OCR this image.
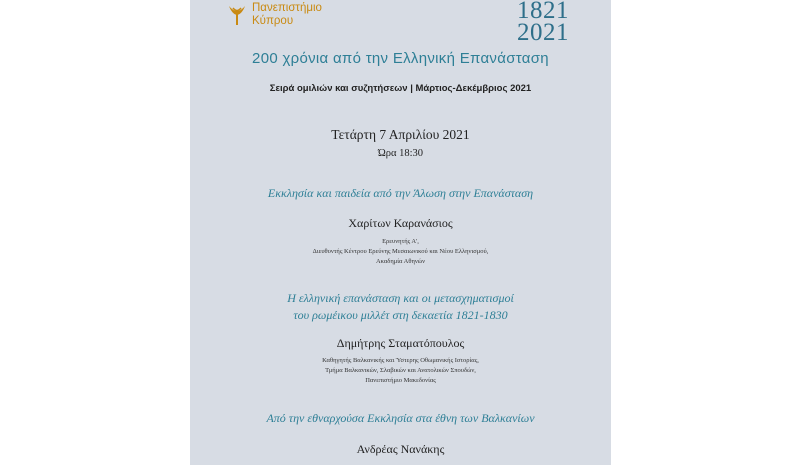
Πανεπιστήμιο
Κύπρου	1821
2021
200 χρόνια από την Ελληνική Επανάσταση
Σειρά ομιλιών και συζητήσεων | Μάρτιος-Δεκέμβριος 2021
Τετάρτη 7 Απριλίου 2021
Ώρα 18:30
Εκκλησία και παιδεία από την Άλωση στην Επανάσταση
Χαρίτων Καρανάσιος
Ερευνητής Α',
Διευθυντής Κέντρου Ερεύνης Μεσαιωνικού και Νέου Ελληνισμού,
Ακαδημία Αθηνών
Η ελληνική επανάσταση και οι μετασχηματισμοί
του ρωμέικου μιλλέτ στη δεκαετία 1821-1830
Δημήτρης Σταματόπουλος
Καθηγητής Βαλκανικής και Ύστερης Οθωμανικής Ιστορίας,
Τμήμα Βαλκανικών, Σλαβικών και Ανατολικών Σπουδών,
Πανεπιστήμιο Μακεδονίας
Από την εθναρχούσα Εκκλησία στα έθνη των Βαλκανίων
Ανδρέας Νανάκης
